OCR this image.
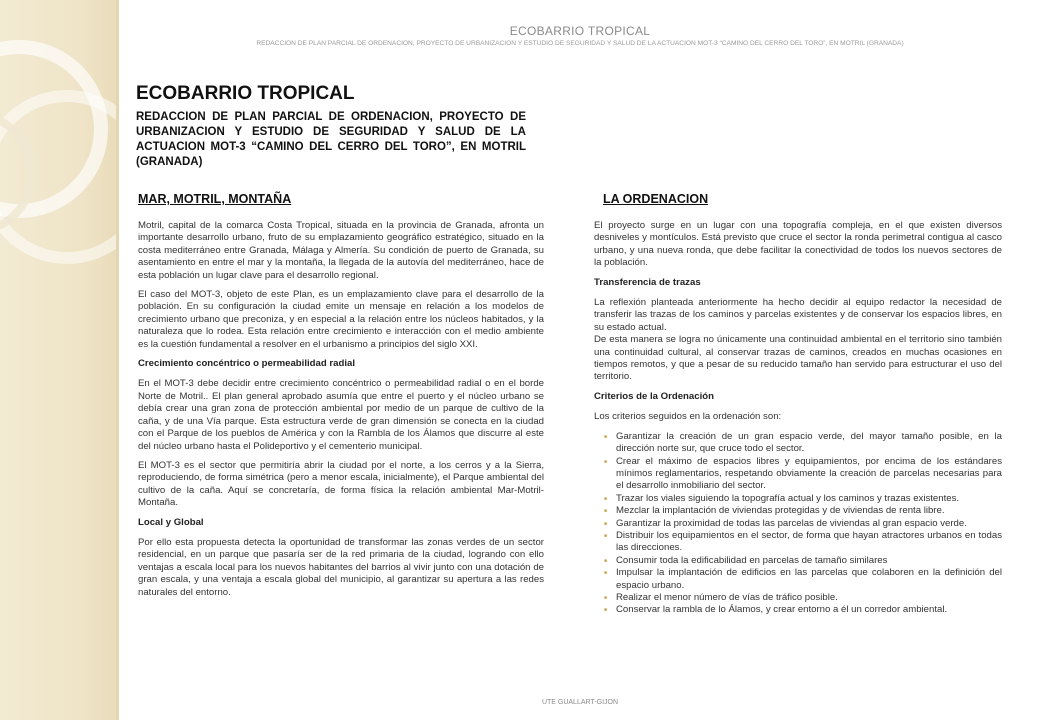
ECOBARRIO TROPICAL
REDACCION DE PLAN PARCIAL DE ORDENACION, PROYECTO DE URBANIZACION Y ESTUDIO DE SEGURIDAD Y SALUD DE LA ACTUACION MOT-3 “CAMINO DEL CERRO DEL TORO”, EN MOTRIL (GRANADA)
ECOBARRIO TROPICAL
REDACCION DE PLAN PARCIAL DE ORDENACION, PROYECTO DE URBANIZACION Y ESTUDIO DE SEGURIDAD Y SALUD DE LA ACTUACION MOT-3 “CAMINO DEL CERRO DEL TORO”, EN MOTRIL (GRANADA)
MAR, MOTRIL, MONTAÑA	LA ORDENACION

Motril, capital de la comarca Costa Tropical, situada en la provincia de Granada, afronta un importante desarrollo urbano, fruto de su emplazamiento geográfico estratégico, situado en la costa mediterráneo entre Granada, Málaga y Almería. Su condición de puerto de Granada, su asentamiento en entre el mar y la montaña, la llegada de la autovía del mediterráneo, hace de esta población un lugar clave para el desarrollo regional.

El caso del MOT-3, objeto de este Plan, es un emplazamiento clave para el desarrollo de la población. En su configuración la ciudad emite un mensaje en relación a los modelos de crecimiento urbano que preconiza, y en especial a la relación entre los núcleos habitados, y la naturaleza que lo rodea. Esta relación entre crecimiento e interacción con el medio ambiente es la cuestión fundamental a resolver en el urbanismo a principios del siglo XXI.

Crecimiento concéntrico o permeabilidad radial

En el MOT-3 debe decidir entre crecimiento concéntrico o permeabilidad radial o en el borde Norte de Motril.. El plan general aprobado asumía que entre el puerto y el núcleo urbano se debía crear una gran zona de protección ambiental por medio de un parque de cultivo de la caña, y de una Vía parque. Esta estructura verde de gran dimensión se conecta en la ciudad con el Parque de los pueblos de América y con la Rambla de los Álamos que discurre al este del núcleo urbano hasta el Polideportivo y el cementerio municipal.

El MOT-3 es el sector que permitiría abrir la ciudad por el norte, a los cerros y a la Sierra, reproduciendo, de forma simétrica (pero a menor escala, inicialmente), el Parque ambiental del cultivo de la caña. Aquí se concretaría, de forma física la relación ambiental Mar-Motril-Montaña.

Local y Global

Por ello esta propuesta detecta la oportunidad de transformar las zonas verdes de un sector residencial, en un parque que pasaría ser de la red primaria de la ciudad, logrando con ello ventajas a escala local para los nuevos habitantes del barrios al vivir junto con una dotación de gran escala, y una ventaja a escala global del municipio, al garantizar su apertura a las redes naturales del entorno.

El proyecto surge en un lugar con una topografía compleja, en el que existen diversos desniveles y montículos. Está previsto que cruce el sector la ronda perimetral contigua al casco urbano, y una nueva ronda, que debe facilitar la conectividad de todos los nuevos sectores de la población.

Transferencia de trazas

La reflexión planteada anteriormente ha hecho decidir al equipo redactor la necesidad de transferir las trazas de los caminos y parcelas existentes y de conservar los espacios libres, en su estado actual.

De esta manera se logra no únicamente una continuidad ambiental en el territorio sino también una continuidad cultural, al conservar trazas de caminos, creados en muchas ocasiones en tiempos remotos, y que a pesar de su reducido tamaño han servido para estructurar el uso del territorio.

Criterios de la Ordenación

Los criterios seguidos en la ordenación son:

■ Garantizar la creación de un gran espacio verde, del mayor tamaño posible, en la dirección norte sur, que cruce todo el sector.
■ Crear el máximo de espacios libres y equipamientos, por encima de los estándares mínimos reglamentarios, respetando obviamente la creación de parcelas necesarias para el desarrollo inmobiliario del sector.
■ Trazar los viales siguiendo la topografía actual y los caminos y trazas existentes.
■ Mezclar la implantación de viviendas protegidas y de viviendas de renta libre.
■ Garantizar la proximidad de todas las parcelas de viviendas al gran espacio verde.
■ Distribuir los equipamientos en el sector, de forma que hayan atractores urbanos en todas las direcciones.
■ Consumir toda la edificabilidad en parcelas de tamaño similares
■ Impulsar la implantación de edificios en las parcelas que colaboren en la definición del espacio urbano.
■ Realizar el menor número de vías de tráfico posible.
■ Conservar la rambla de lo Álamos, y crear entorno a él un corredor ambiental.
UTE GUALLART-GIJON
